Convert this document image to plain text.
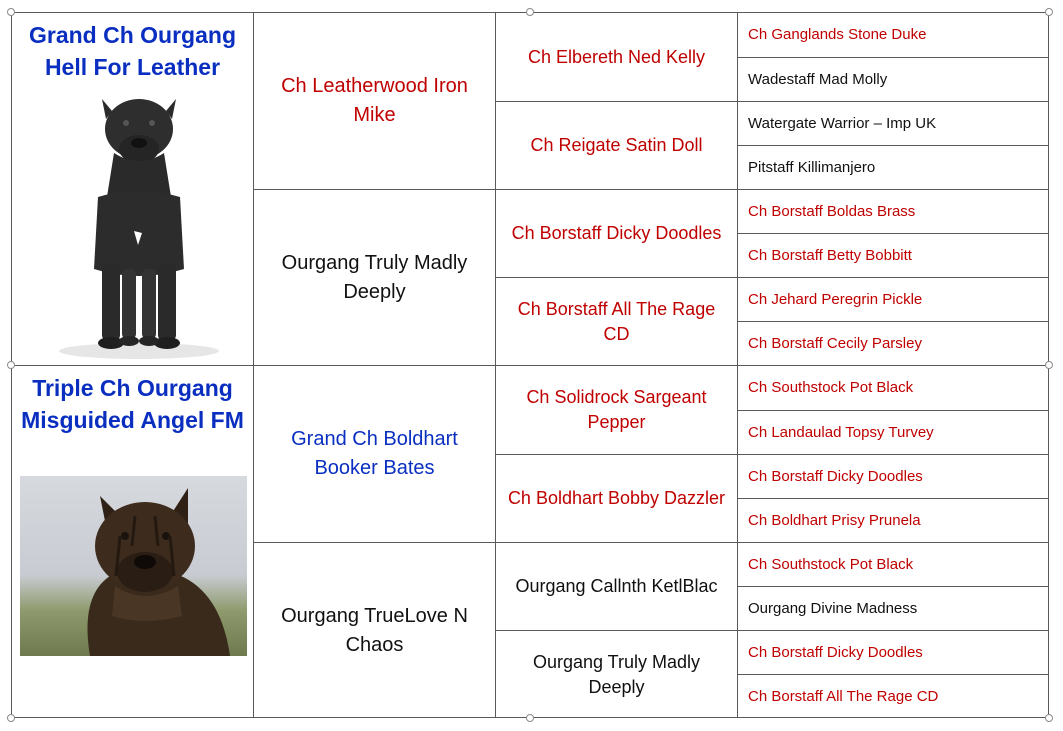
Grand Ch Ourgang Hell For Leather
Triple Ch Ourgang Misguided Angel FM
Ch Leatherwood Iron Mike
Ourgang Truly Madly Deeply
Grand Ch Boldhart Booker Bates
Ourgang TrueLove N Chaos
Ch Elbereth Ned Kelly
Ch Reigate Satin Doll
Ch Borstaff Dicky Doodles
Ch Borstaff All The Rage CD
Ch Solidrock Sargeant Pepper
Ch Boldhart Bobby Dazzler
Ourgang Callnth KetlBlac
Ourgang Truly Madly Deeply
Ch Ganglands Stone Duke
Wadestaff Mad Molly
Watergate Warrior – Imp UK
Pitstaff Killimanjero
Ch Borstaff Boldas Brass
Ch Borstaff Betty Bobbitt
Ch Jehard Peregrin Pickle
Ch Borstaff Cecily Parsley
Ch Southstock Pot Black
Ch Landaulad Topsy Turvey
Ch Borstaff Dicky Doodles
Ch Boldhart Prisy Prunela
Ch Southstock Pot Black
Ourgang Divine Madness
Ch Borstaff Dicky Doodles
Ch Borstaff All The Rage CD
